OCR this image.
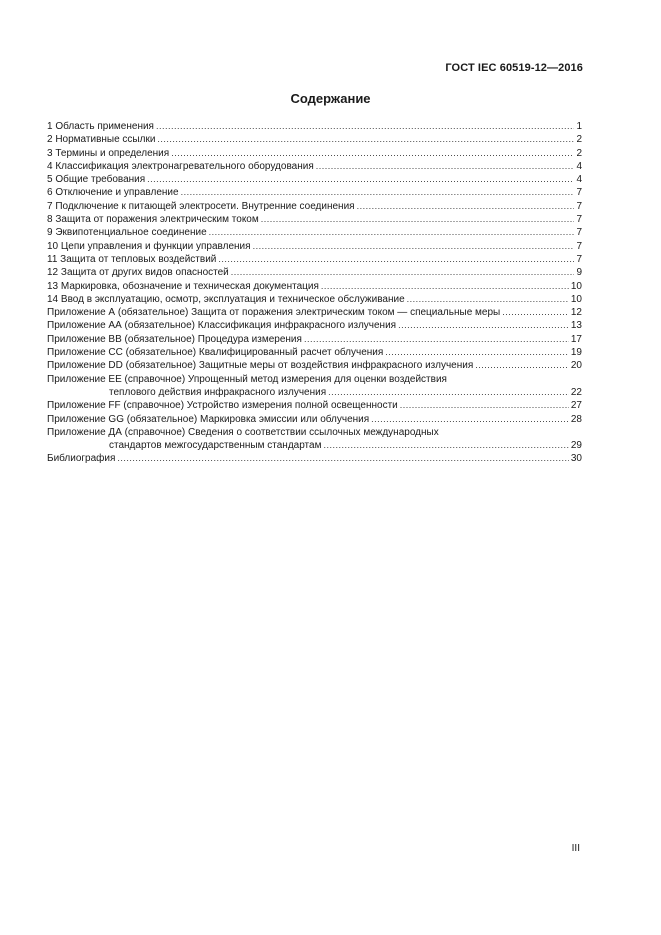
ГОСТ IEC 60519-12—2016
Содержание
1 Область применения .....	1
2 Нормативные ссылки .....	2
3 Термины и определения .....	2
4 Классификация электронагревательного оборудования .....	4
5 Общие требования .....	4
6 Отключение и управление .....	7
7 Подключение к питающей электросети. Внутренние соединения .....	7
8 Защита от поражения электрическим током .....	7
9 Эквипотенциальное соединение .....	7
10 Цепи управления и функции управления .....	7
11 Защита от тепловых воздействий .....	7
12 Защита от других видов опасностей .....	9
13 Маркировка, обозначение и техническая документация .....	10
14 Ввод в эксплуатацию, осмотр, эксплуатация и техническое обслуживание .....	10
Приложение А (обязательное) Защита от поражения электрическим током — специальные меры .....	12
Приложение АА (обязательное) Классификация инфракрасного излучения .....	13
Приложение ВВ (обязательное) Процедура измерения .....	17
Приложение СС (обязательное) Квалифицированный расчет облучения .....	19
Приложение DD (обязательное) Защитные меры от воздействия инфракрасного излучения .....	20
Приложение ЕЕ (справочное) Упрощенный метод измерения для оценки воздействия
теплового действия инфракрасного излучения .....	22
Приложение FF (справочное) Устройство измерения полной освещенности .....	27
Приложение GG (обязательное) Маркировка эмиссии или облучения .....	28
Приложение ДА (справочное) Сведения о соответствии ссылочных международных
стандартов межгосударственным стандартам .....	29
Библиография .....	30
III
